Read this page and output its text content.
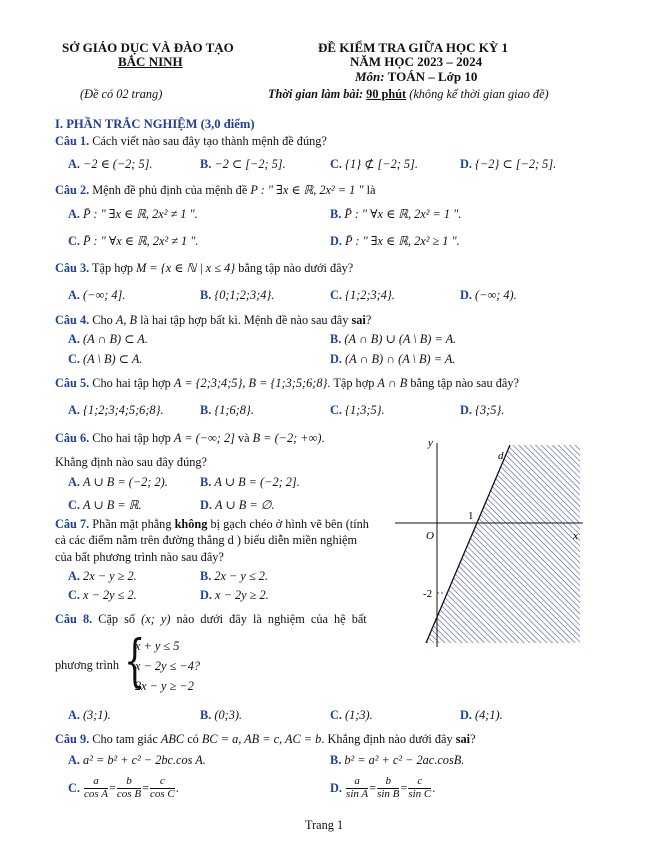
SỞ GIÁO DỤC VÀ ĐÀO TẠO
BẮC NINH
ĐỀ KIỂM TRA GIỮA HỌC KỲ 1
NĂM HỌC 2023 – 2024
Môn: TOÁN – Lớp 10
(Đề có 02 trang)	Thời gian làm bài: 90 phút (không kể thời gian giao đề)
I. PHẦN TRẮC NGHIỆM (3,0 điểm)
Câu 1. Cách viết nào sau đây tạo thành mệnh đề đúng?
A. −2 ∈ (−2; 5].	B. −2 ⊂ [−2; 5].	C. {1} ⊄ [−2; 5].	D. {−2} ⊂ [−2; 5].
Câu 2. Mệnh đề phủ định của mệnh đề P : " ∃x ∈ ℝ, 2x² = 1 " là
A. P̄ : " ∃x ∈ ℝ, 2x² ≠ 1 ".	B. P̄ : " ∀x ∈ ℝ, 2x² = 1 ".
C. P̄ : " ∀x ∈ ℝ, 2x² ≠ 1 ".	D. P̄ : " ∃x ∈ ℝ, 2x² ≥ 1 ".
Câu 3. Tập hợp M = {x ∈ ℕ | x ≤ 4} bằng tập nào dưới đây?
A. (−∞; 4].	B. {0;1;2;3;4}.	C. {1;2;3;4}.	D. (−∞; 4).
Câu 4. Cho A, B là hai tập hợp bất kì. Mệnh đề nào sau đây sai?
A. (A ∩ B) ⊂ A.	B. (A ∩ B) ∪ (A \ B) = A.
C. (A \ B) ⊂ A.	D. (A ∩ B) ∩ (A \ B) = A.
Câu 5. Cho hai tập hợp A = {2;3;4;5}, B = {1;3;5;6;8}. Tập hợp A ∩ B bằng tập nào sau đây?
A. {1;2;3;4;5;6;8}.	B. {1;6;8}.	C. {1;3;5}.	D. {3;5}.
Câu 6. Cho hai tập hợp A = (−∞; 2] và B = (−2; +∞).
Khẳng định nào sau đây đúng?
A. A ∪ B = (−2; 2).	B. A ∪ B = (−2; 2].
C. A ∪ B = ℝ.	D. A ∪ B = ∅.
Câu 7. Phần mặt phẳng không bị gạch chéo ở hình vẽ bên (tính
cả các điểm nằm trên đường thẳng d ) biểu diễn miền nghiệm
của bất phương trình nào sau đây?
A. 2x − y ≥ 2.	B. 2x − y ≤ 2.
C. x − 2y ≤ 2.	D. x − 2y ≥ 2.
Câu 8. Cặp số (x; y) nào dưới đây là nghiệm của hệ bất
phương trình {
x + y ≤ 5
x − 2y ≤ −4?
2x − y ≥ −2
A. (3;1).	B. (0;3).	C. (1;3).	D. (4;1).
Câu 9. Cho tam giác ABC có BC = a, AB = c, AC = b. Khẳng định nào dưới đây sai?
A. a² = b² + c² − 2bc.cos A.	B. b² = a² + c² − 2ac.cosB.
C. $\frac{a}{\text{cos A}} = \frac{b}{\text{cos B}} = \frac{c}{\text{cos C}}$ .	D. $\frac{a}{\text{sin A}} = \frac{b}{\text{sin B}} = \frac{c}{\text{sin C}}$ .
Trang 1
y
x
O
d
1
-2
